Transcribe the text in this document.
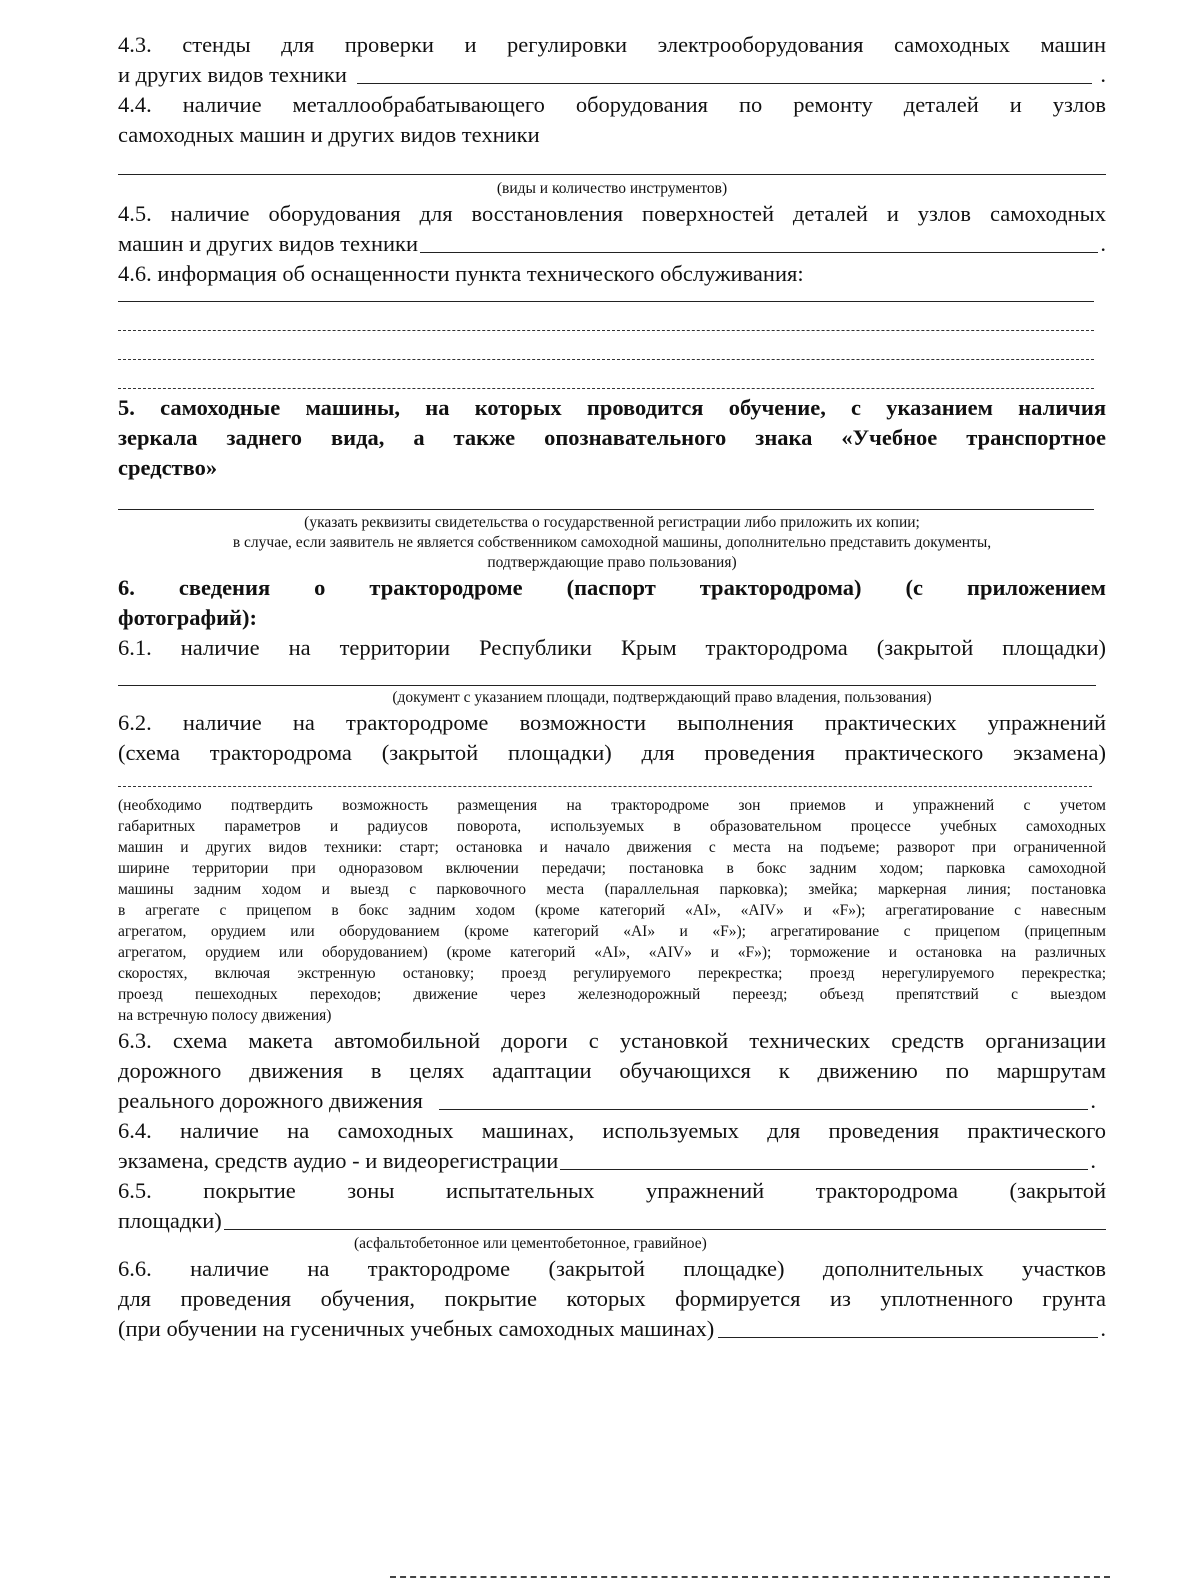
4.3. стенды для проверки и регулировки электрооборудования самоходных машин
и других видов техники	.
4.4. наличие металлообрабатывающего оборудования по ремонту деталей и узлов
самоходных машин и других видов техники
(виды и количество инструментов)
4.5. наличие оборудования для восстановления поверхностей деталей и узлов самоходных
машин и других видов техники	.
4.6. информация об оснащенности пункта технического обслуживания:
5. самоходные машины, на которых проводится обучение, с указанием наличия
зеркала заднего вида, а также опознавательного знака «Учебное транспортное
средство»
(указать реквизиты свидетельства о государственной регистрации либо приложить их копии;
в случае, если заявитель не является собственником самоходной машины, дополнительно представить документы,
подтверждающие право пользования)
6. сведения о трактородроме (паспорт трактородрома) (с приложением
фотографий):
6.1. наличие на территории Республики Крым трактородрома (закрытой площадки)
(документ с указанием площади, подтверждающий право владения, пользования)
6.2. наличие на трактородроме возможности выполнения практических упражнений
(схема трактородрома (закрытой площадки) для проведения практического экзамена)
(необходимо подтвердить возможность размещения на трактородроме зон приемов и упражнений с учетом
габаритных параметров и радиусов поворота, используемых в образовательном процессе учебных самоходных
машин и других видов техники: старт; остановка и начало движения с места на подъеме; разворот при ограниченной
ширине территории при одноразовом включении передачи; постановка в бокс задним ходом; парковка самоходной
машины задним ходом и выезд с парковочного места (параллельная парковка); змейка; маркерная линия; постановка
в агрегате с прицепом в бокс задним ходом (кроме категорий «AI», «AIV» и «F»); агрегатирование с навесным
агрегатом, орудием или оборудованием (кроме категорий «AI» и «F»); агрегатирование с прицепом (прицепным
агрегатом, орудием или оборудованием) (кроме категорий «AI», «AIV» и «F»); торможение и остановка на различных
скоростях, включая экстренную остановку; проезд регулируемого перекрестка; проезд нерегулируемого перекрестка;
проезд пешеходных переходов; движение через железнодорожный переезд; объезд препятствий с выездом
на встречную полосу движения)
6.3. схема макета автомобильной дороги с установкой технических средств организации
дорожного движения в целях адаптации обучающихся к движению по маршрутам
реального дорожного движения	.
6.4. наличие на самоходных машинах, используемых для проведения практического
экзамена, средств аудио - и видеорегистрации	.
6.5. покрытие зоны испытательных упражнений трактородрома (закрытой
площадки)
(асфальтобетонное или цементобетонное, гравийное)
6.6. наличие на трактородроме (закрытой площадке) дополнительных участков
для проведения обучения, покрытие которых формируется из уплотненного грунта
(при обучении на гусеничных учебных самоходных машинах)	.
